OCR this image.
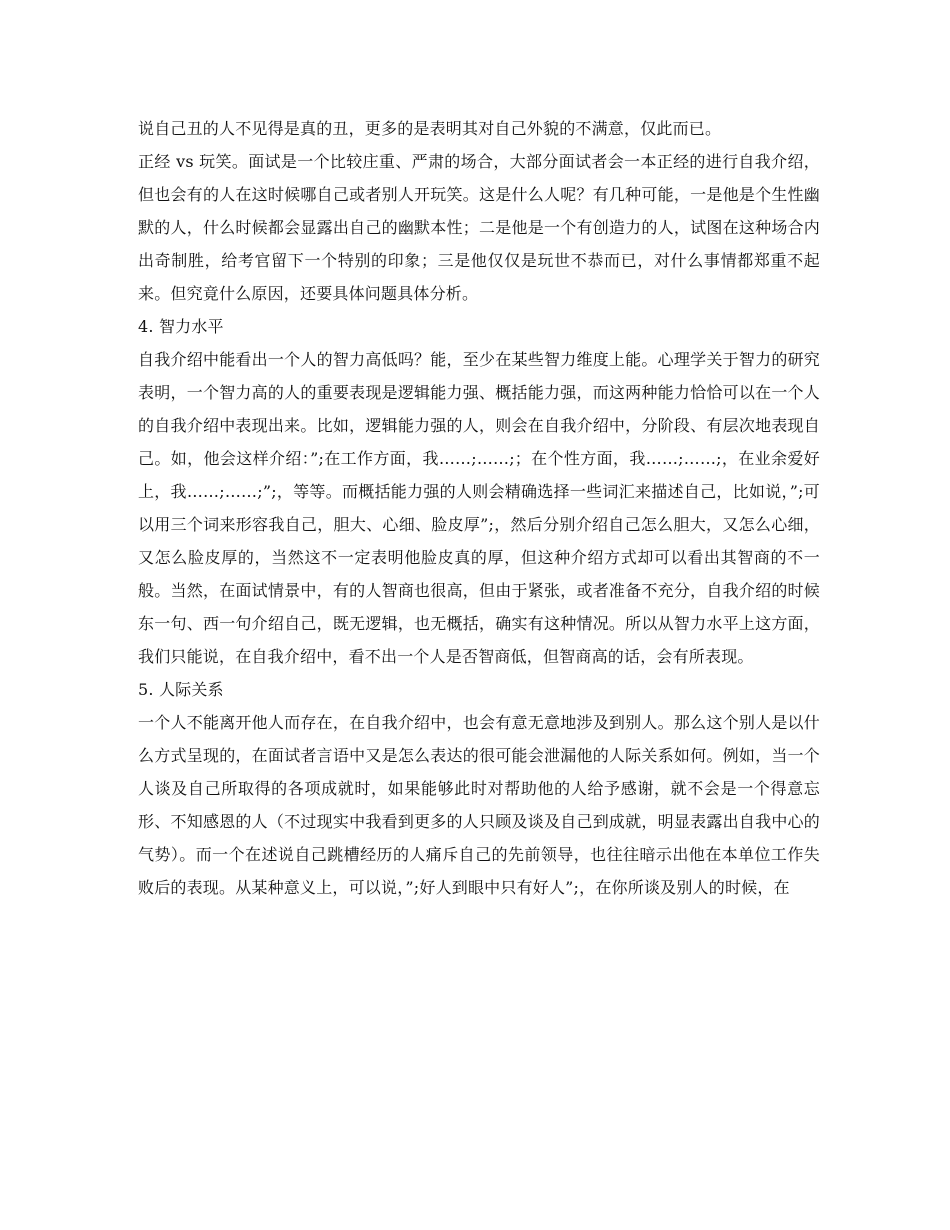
说自己丑的人不见得是真的丑，更多的是表明其对自己外貌的不满意，仅此而已。

正经 vs 玩笑。面试是一个比较庄重、严肃的场合，大部分面试者会一本正经的进行自我介绍，但也会有的人在这时候哪自己或者别人开玩笑。这是什么人呢？有几种可能，一是他是个生性幽默的人，什么时候都会显露出自己的幽默本性；二是他是一个有创造力的人，试图在这种场合内出奇制胜，给考官留下一个特别的印象；三是他仅仅是玩世不恭而已，对什么事情都郑重不起来。但究竟什么原因，还要具体问题具体分析。

4. 智力水平

自我介绍中能看出一个人的智力高低吗？能，至少在某些智力维度上能。心理学关于智力的研究表明，一个智力高的人的重要表现是逻辑能力强、概括能力强，而这两种能力恰恰可以在一个人的自我介绍中表现出来。比如，逻辑能力强的人，则会在自我介绍中，分阶段、有层次地表现自己。如，他会这样介绍：”;在工作方面，我……;……;；在个性方面，我……;……;，在业余爱好上，我……;……;”;，等等。而概括能力强的人则会精确选择一些词汇来描述自己，比如说，”;可以用三个词来形容我自己，胆大、心细、脸皮厚”;，然后分别介绍自己怎么胆大，又怎么心细，又怎么脸皮厚的，当然这不一定表明他脸皮真的厚，但这种介绍方式却可以看出其智商的不一般。当然，在面试情景中，有的人智商也很高，但由于紧张，或者准备不充分，自我介绍的时候东一句、西一句介绍自己，既无逻辑，也无概括，确实有这种情况。所以从智力水平上这方面，我们只能说，在自我介绍中，看不出一个人是否智商低，但智商高的话，会有所表现。

5. 人际关系

一个人不能离开他人而存在，在自我介绍中，也会有意无意地涉及到别人。那么这个别人是以什么方式呈现的，在面试者言语中又是怎么表达的很可能会泄漏他的人际关系如何。例如，当一个人谈及自己所取得的各项成就时，如果能够此时对帮助他的人给予感谢，就不会是一个得意忘形、不知感恩的人（不过现实中我看到更多的人只顾及谈及自己到成就，明显表露出自我中心的气势）。而一个在述说自己跳槽经历的人痛斥自己的先前领导，也往往暗示出他在本单位工作失败后的表现。从某种意义上，可以说，”;好人到眼中只有好人”;，在你所谈及别人的时候，在
